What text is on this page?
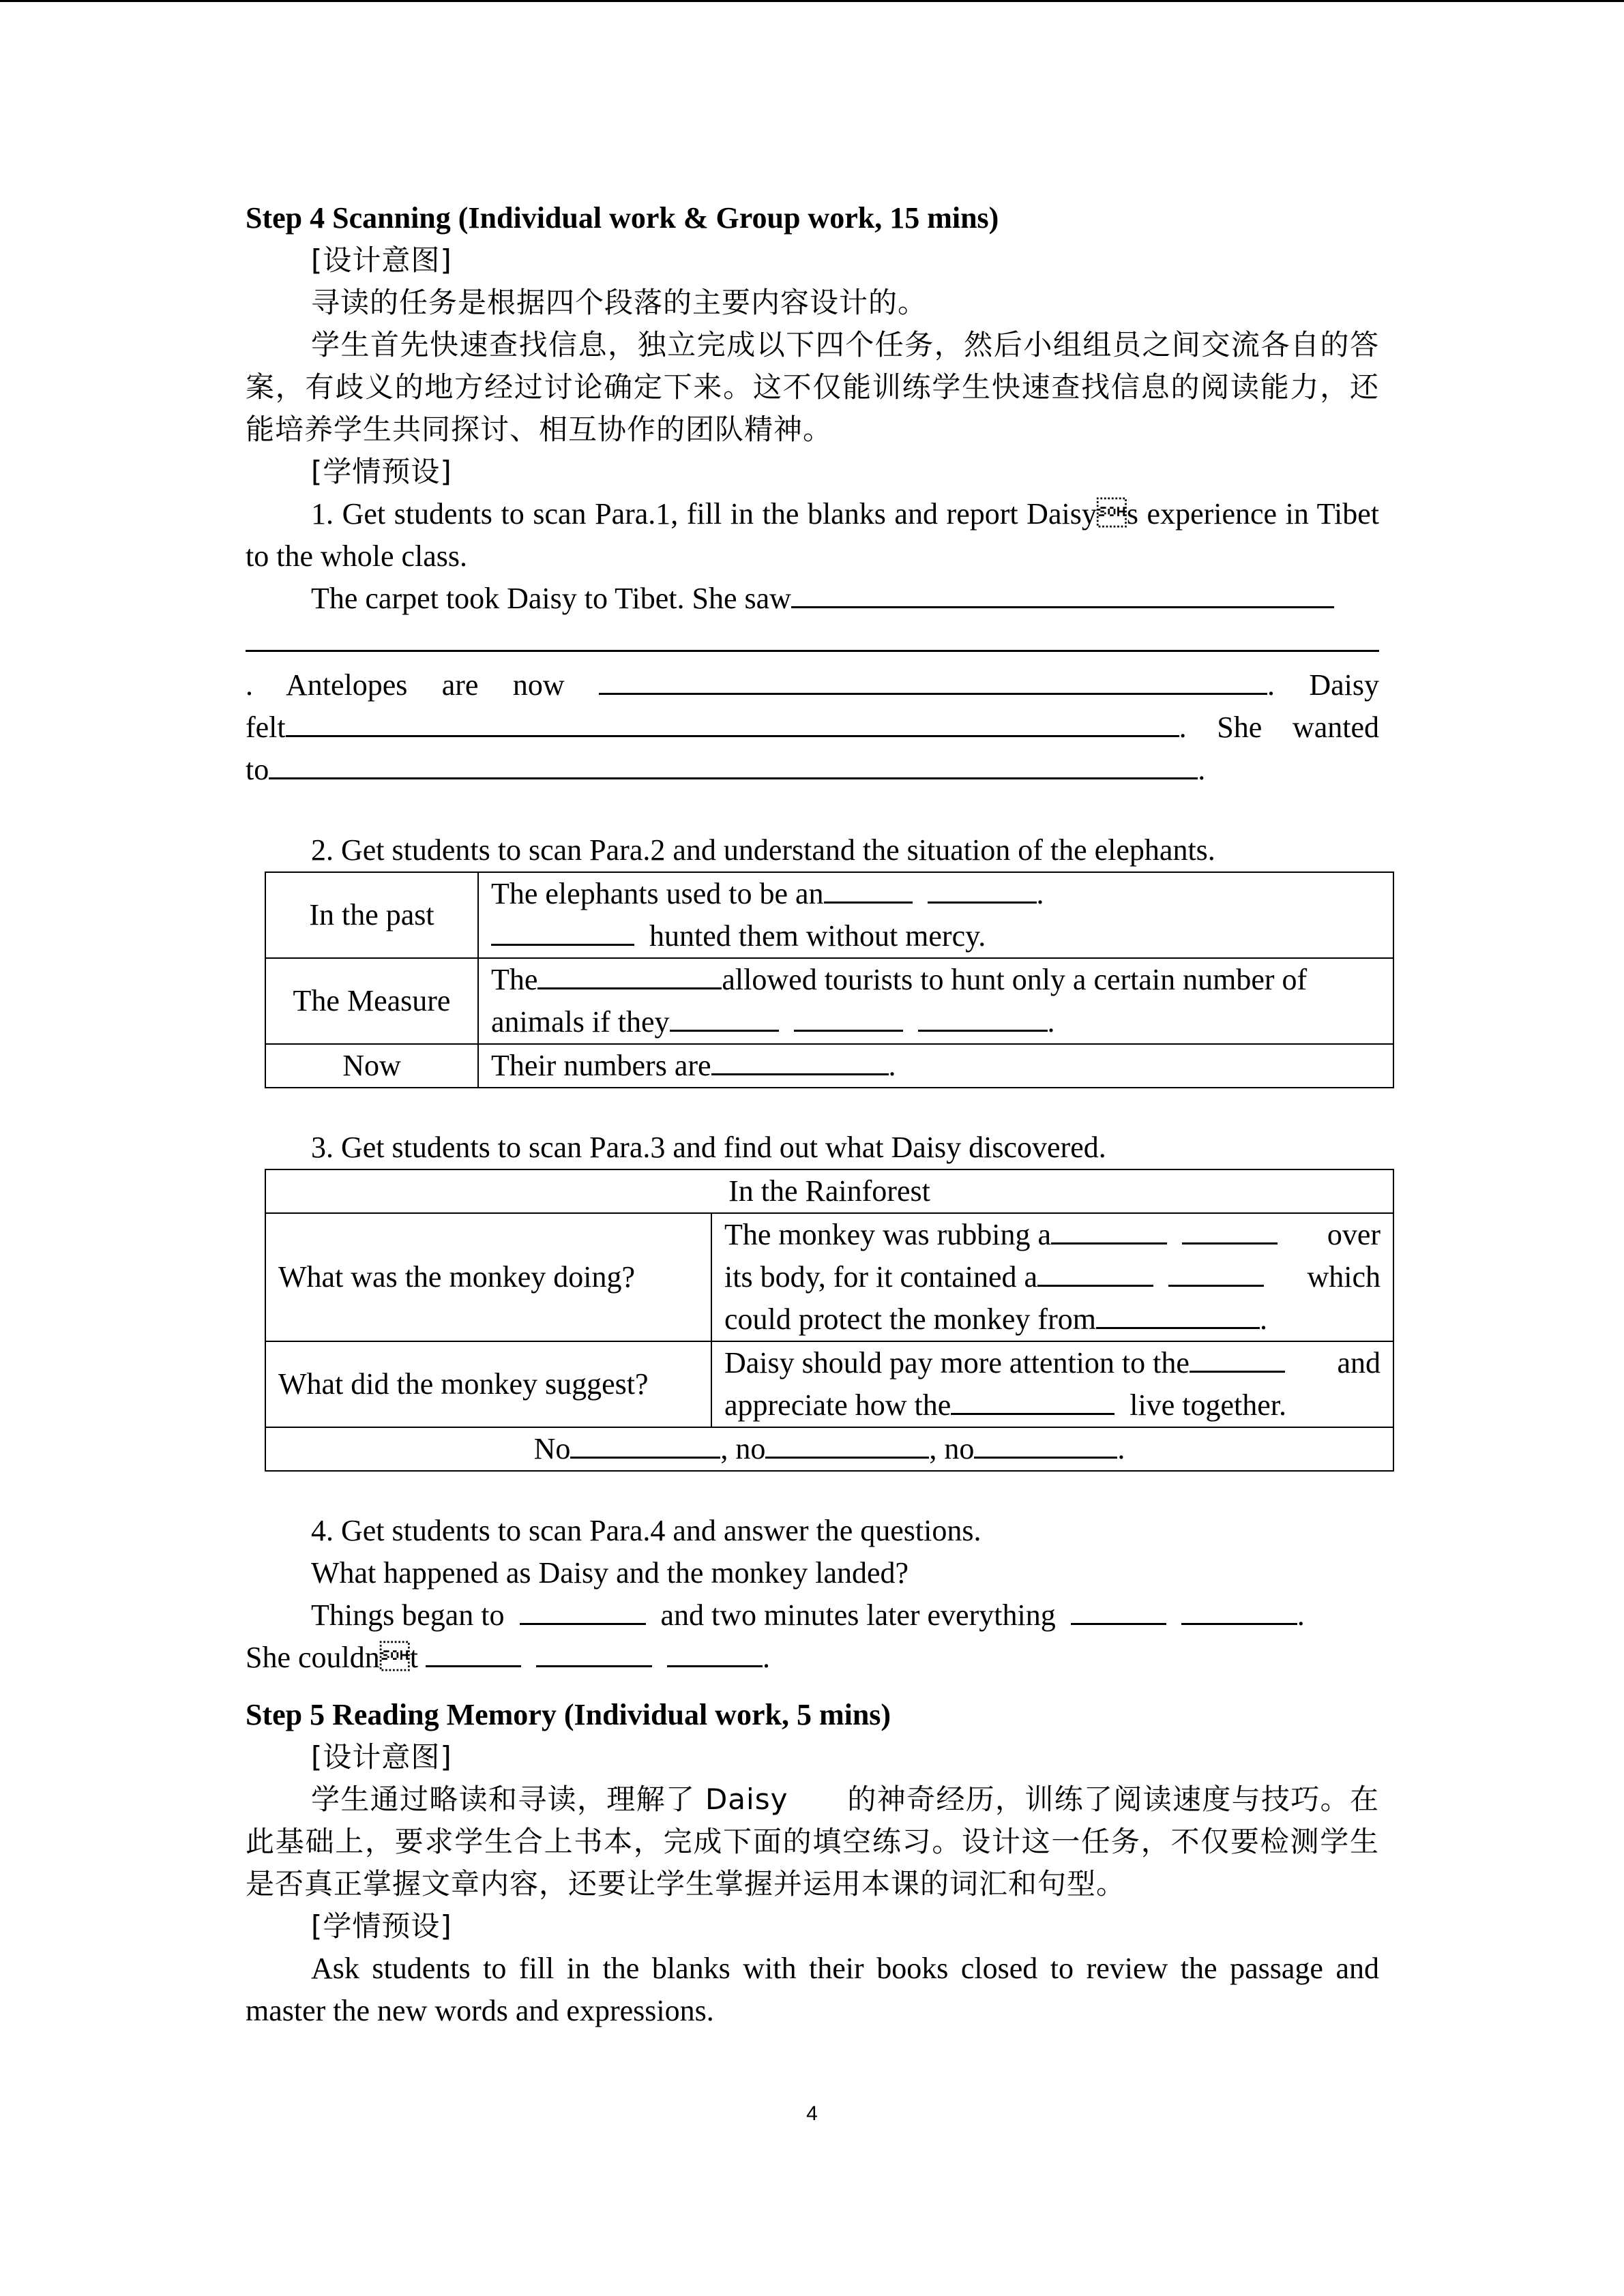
Step 4 Scanning (Individual work & Group work, 15 mins)

[设计意图]

寻读的任务是根据四个段落的主要内容设计的。

学生首先快速查找信息，独立完成以下四个任务，然后小组组员之间交流各自的答案，有歧义的地方经过讨论确定下来。这不仅能训练学生快速查找信息的阅读能力，还能培养学生共同探讨、相互协作的团队精神。

[学情预设]

1. Get students to scan Para.1, fill in the blanks and report Daisys experience in Tibet to the whole class.

The carpet took Daisy to Tibet. She saw

. Antelopes are now	. Daisy

felt	. She wanted

to	.

2. Get students to scan Para.2 and understand the situation of the elephants.

In the past	The elephants used to be an .
hunted them without mercy.
The Measure	The allowed tourists to hunt only a certain number of
animals if they .
Now	Their numbers are .

3. Get students to scan Para.3 and find out what Daisy discovered.

In the Rainforest	
What was the monkey doing?	The monkey was rubbing a over
its body, for it contained a which
could protect the monkey from .

What did the monkey suggest?	Daisy should pay more attention to the and
appreciate how the live together.

No , no , no .	

4. Get students to scan Para.4 and answer the questions.

What happened as Daisy and the monkey landed?

Things began to	and two minutes later everything	.

She couldnt	.

Step 5 Reading Memory (Individual work, 5 mins)

[设计意图]

学生通过略读和寻读，理解了 Daisy　　的神奇经历，训练了阅读速度与技巧。在此基础上，要求学生合上书本，完成下面的填空练习。设计这一任务，不仅要检测学生是否真正掌握文章内容，还要让学生掌握并运用本课的词汇和句型。

[学情预设]

Ask students to fill in the blanks with their books closed to review the passage and master the new words and expressions.

4
